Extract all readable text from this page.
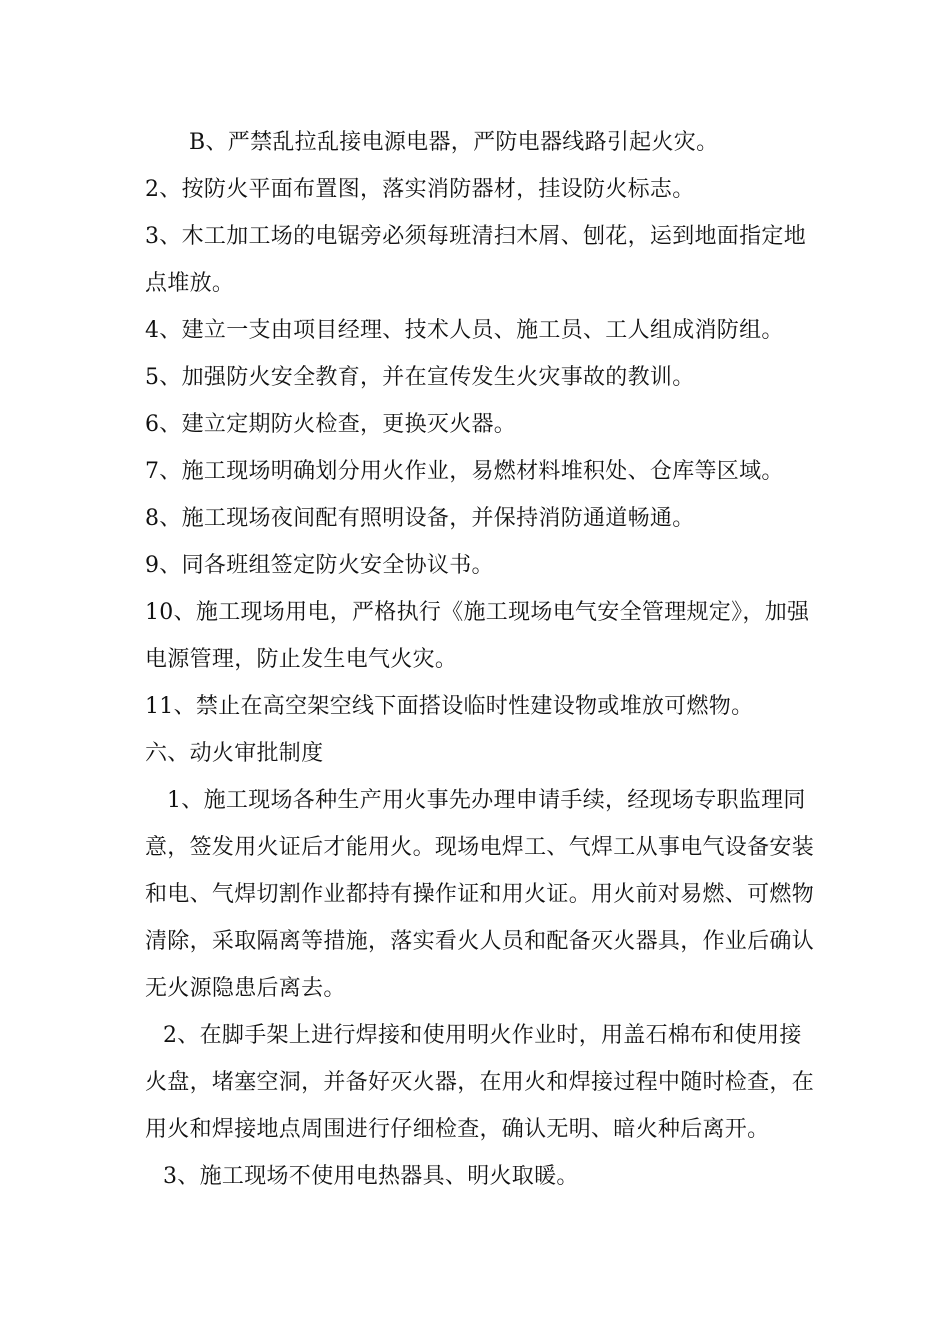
B、严禁乱拉乱接电源电器，严防电器线路引起火灾。
2、按防火平面布置图，落实消防器材，挂设防火标志。
3、木工加工场的电锯旁必须每班清扫木屑、刨花，运到地面指定地
点堆放。
4、建立一支由项目经理、技术人员、施工员、工人组成消防组。
5、加强防火安全教育，并在宣传发生火灾事故的教训。
6、建立定期防火检查，更换灭火器。
7、施工现场明确划分用火作业，易燃材料堆积处、仓库等区域。
8、施工现场夜间配有照明设备，并保持消防通道畅通。
9、同各班组签定防火安全协议书。
10、施工现场用电，严格执行《施工现场电气安全管理规定》，加强
电源管理，防止发生电气火灾。
11、禁止在高空架空线下面搭设临时性建设物或堆放可燃物。
六、动火审批制度
1、施工现场各种生产用火事先办理申请手续，经现场专职监理同
意，签发用火证后才能用火。现场电焊工、气焊工从事电气设备安装
和电、气焊切割作业都持有操作证和用火证。用火前对易燃、可燃物
清除，采取隔离等措施，落实看火人员和配备灭火器具，作业后确认
无火源隐患后离去。
2、在脚手架上进行焊接和使用明火作业时，用盖石棉布和使用接
火盘，堵塞空洞，并备好灭火器，在用火和焊接过程中随时检查，在
用火和焊接地点周围进行仔细检查，确认无明、暗火种后离开。
3、施工现场不使用电热器具、明火取暖。
